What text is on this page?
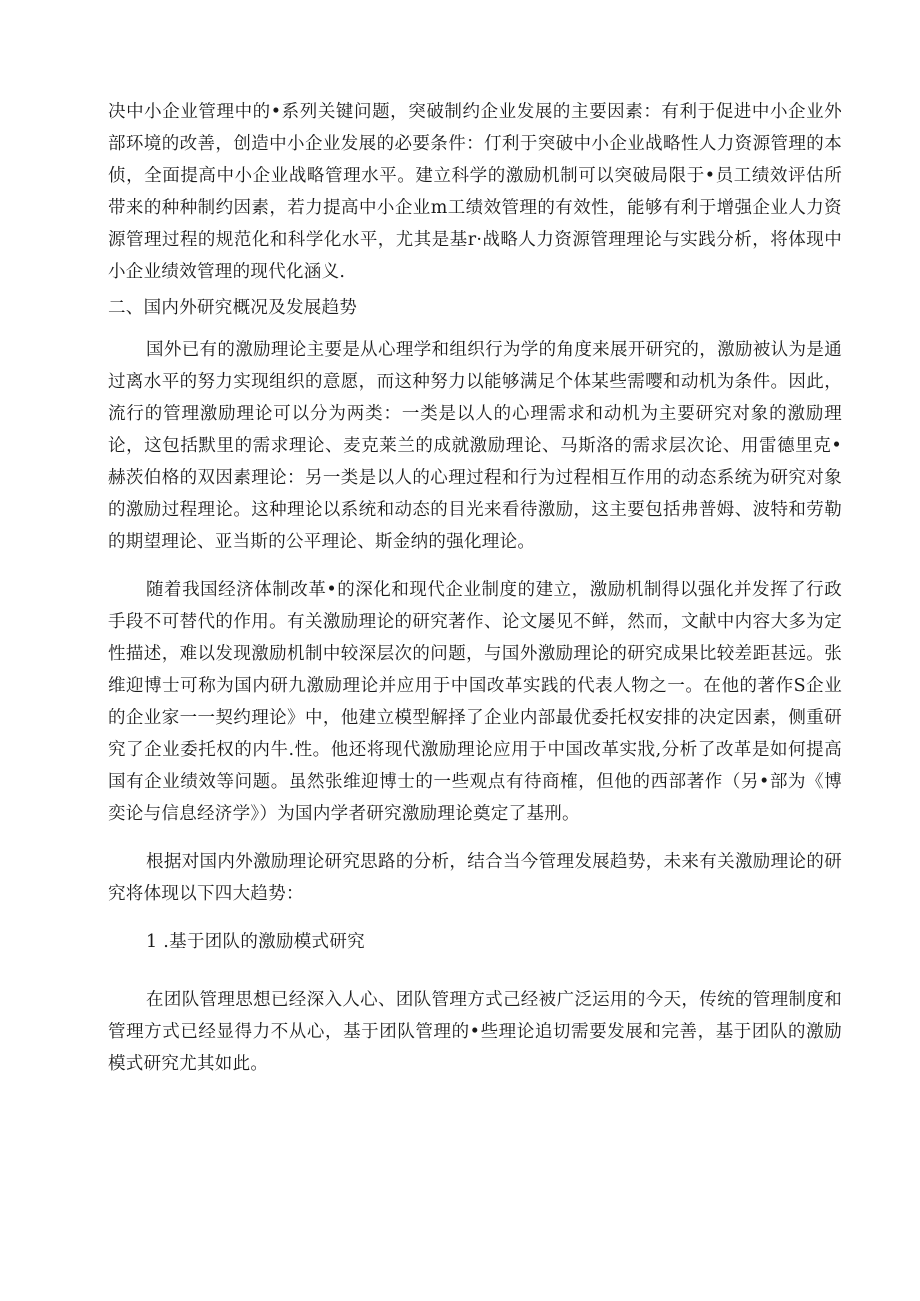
决中小企业管理中的•系列关键问题，突破制约企业发展的主要因素：有利于促进中小企业外部环境的改善，创造中小企业发展的必要条件：仃利于突破中小企业战略性人力资源管理的本侦，全面提高中小企业战略管理水平。建立科学的激励机制可以突破局限于•员工绩效评估所带来的种种制约因素，若力提高中小企业m工绩效管理的有效性，能够有利于增强企业人力资源管理过程的规范化和科学化水平，尤其是基r·战略人力资源管理理论与实践分析，将体现中小企业绩效管理的现代化涵义.

二、国内外研究概况及发展趋势

国外已有的激励理论主要是从心理学和组织行为学的角度来展开研究的，激励被认为是通过离水平的努力实现组织的意愿，而这种努力以能够满足个体某些需嘤和动机为条件。因此，流行的管理激励理论可以分为两类：一类是以人的心理需求和动机为主要研究对象的激励理论，这包括默里的需求理论、麦克莱兰的成就激励理论、马斯洛的需求层次论、用雷德里克•赫茨伯格的双因素理论：另一类是以人的心理过程和行为过程相互作用的动态系统为研究对象的激励过程理论。这种理论以系统和动态的目光来看待激励，这主要包括弗普姆、波特和劳勒的期望理论、亚当斯的公平理论、斯金纳的强化理论。

随着我国经济体制改革•的深化和现代企业制度的建立，激励机制得以强化并发挥了行政手段不可替代的作用。有关激励理论的研究著作、论文屡见不鲜，然而，文献中内容大多为定性描述，难以发现激励机制中较深层次的问题，与国外激励理论的研究成果比较差距甚远。张维迎博士可称为国内研九激励理论并应用于中国改革实践的代表人物之一。在他的著作S企业的企业家一一契约理论》中，他建立模型解择了企业内部最优委托权安排的决定因素，侧重研究了企业委托权的内牛.性。他还将现代激励理论应用于中国改革实戕,分析了改革是如何提高国有企业绩效等问题。虽然张维迎博士的一些观点有待商榷，但他的西部著作（另•部为《博奕论与信息经济学》）为国内学者研究激励理论奠定了基刑。

根据对国内外激励理论研究思路的分析，结合当今管理发展趋势，未来有关激励理论的研究将体现以下四大趋势：

1 .基于团队的激励模式研究

在团队管理思想已经深入人心、团队管理方式己经被广泛运用的今天，传统的管理制度和管理方式已经显得力不从心，基于团队管理的•些理论追切需要发展和完善，基于团队的激励模式研究尤其如此。
